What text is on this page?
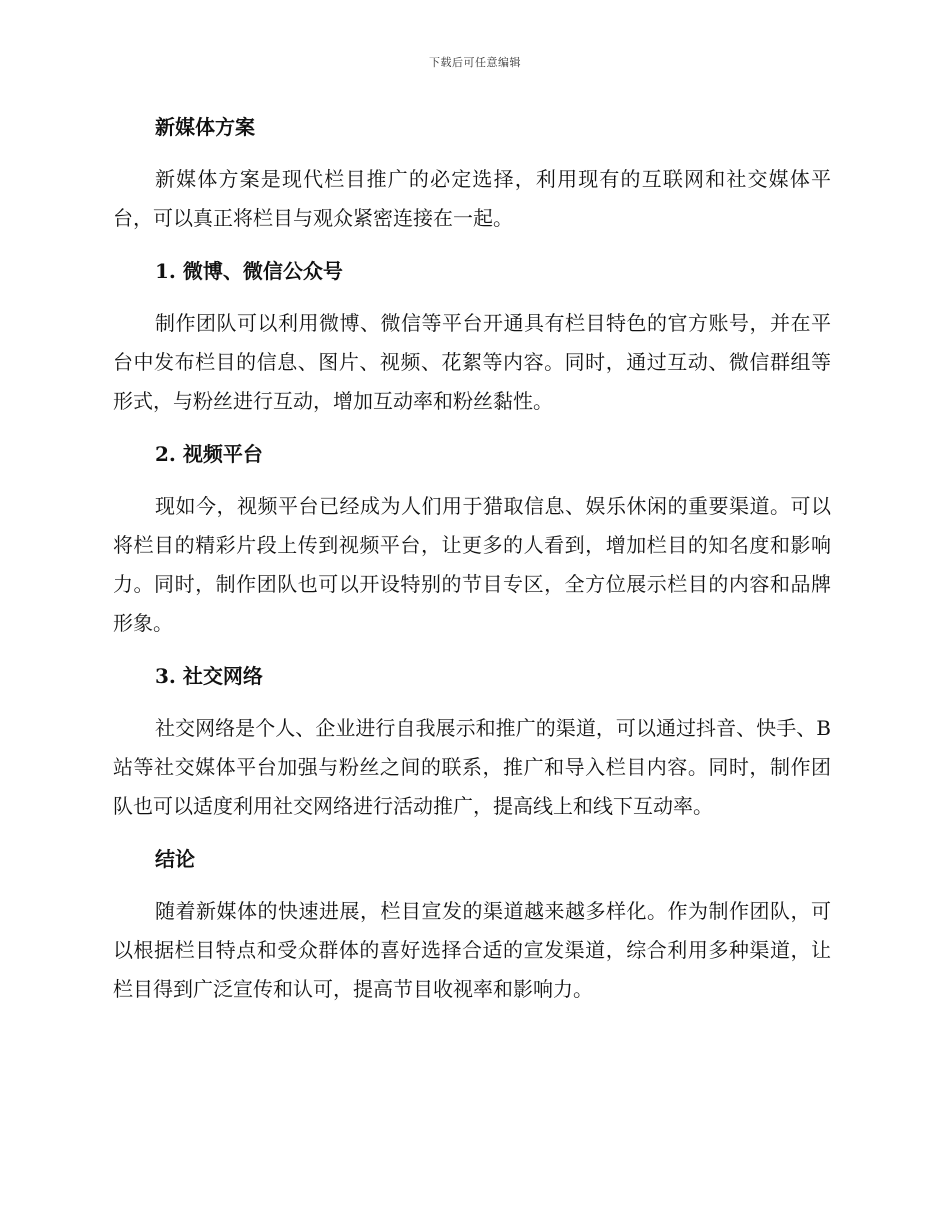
下载后可任意编辑
新媒体方案
新媒体方案是现代栏目推广的必定选择，利用现有的互联网和社交媒体平台，可以真正将栏目与观众紧密连接在一起。
1. 微博、微信公众号
制作团队可以利用微博、微信等平台开通具有栏目特色的官方账号，并在平台中发布栏目的信息、图片、视频、花絮等内容。同时，通过互动、微信群组等形式，与粉丝进行互动，增加互动率和粉丝黏性。
2. 视频平台
现如今，视频平台已经成为人们用于猎取信息、娱乐休闲的重要渠道。可以将栏目的精彩片段上传到视频平台，让更多的人看到，增加栏目的知名度和影响力。同时，制作团队也可以开设特别的节目专区，全方位展示栏目的内容和品牌形象。
3. 社交网络
社交网络是个人、企业进行自我展示和推广的渠道，可以通过抖音、快手、B 站等社交媒体平台加强与粉丝之间的联系，推广和导入栏目内容。同时，制作团队也可以适度利用社交网络进行活动推广，提高线上和线下互动率。
结论
随着新媒体的快速进展，栏目宣发的渠道越来越多样化。作为制作团队，可以根据栏目特点和受众群体的喜好选择合适的宣发渠道，综合利用多种渠道，让栏目得到广泛宣传和认可，提高节目收视率和影响力。
